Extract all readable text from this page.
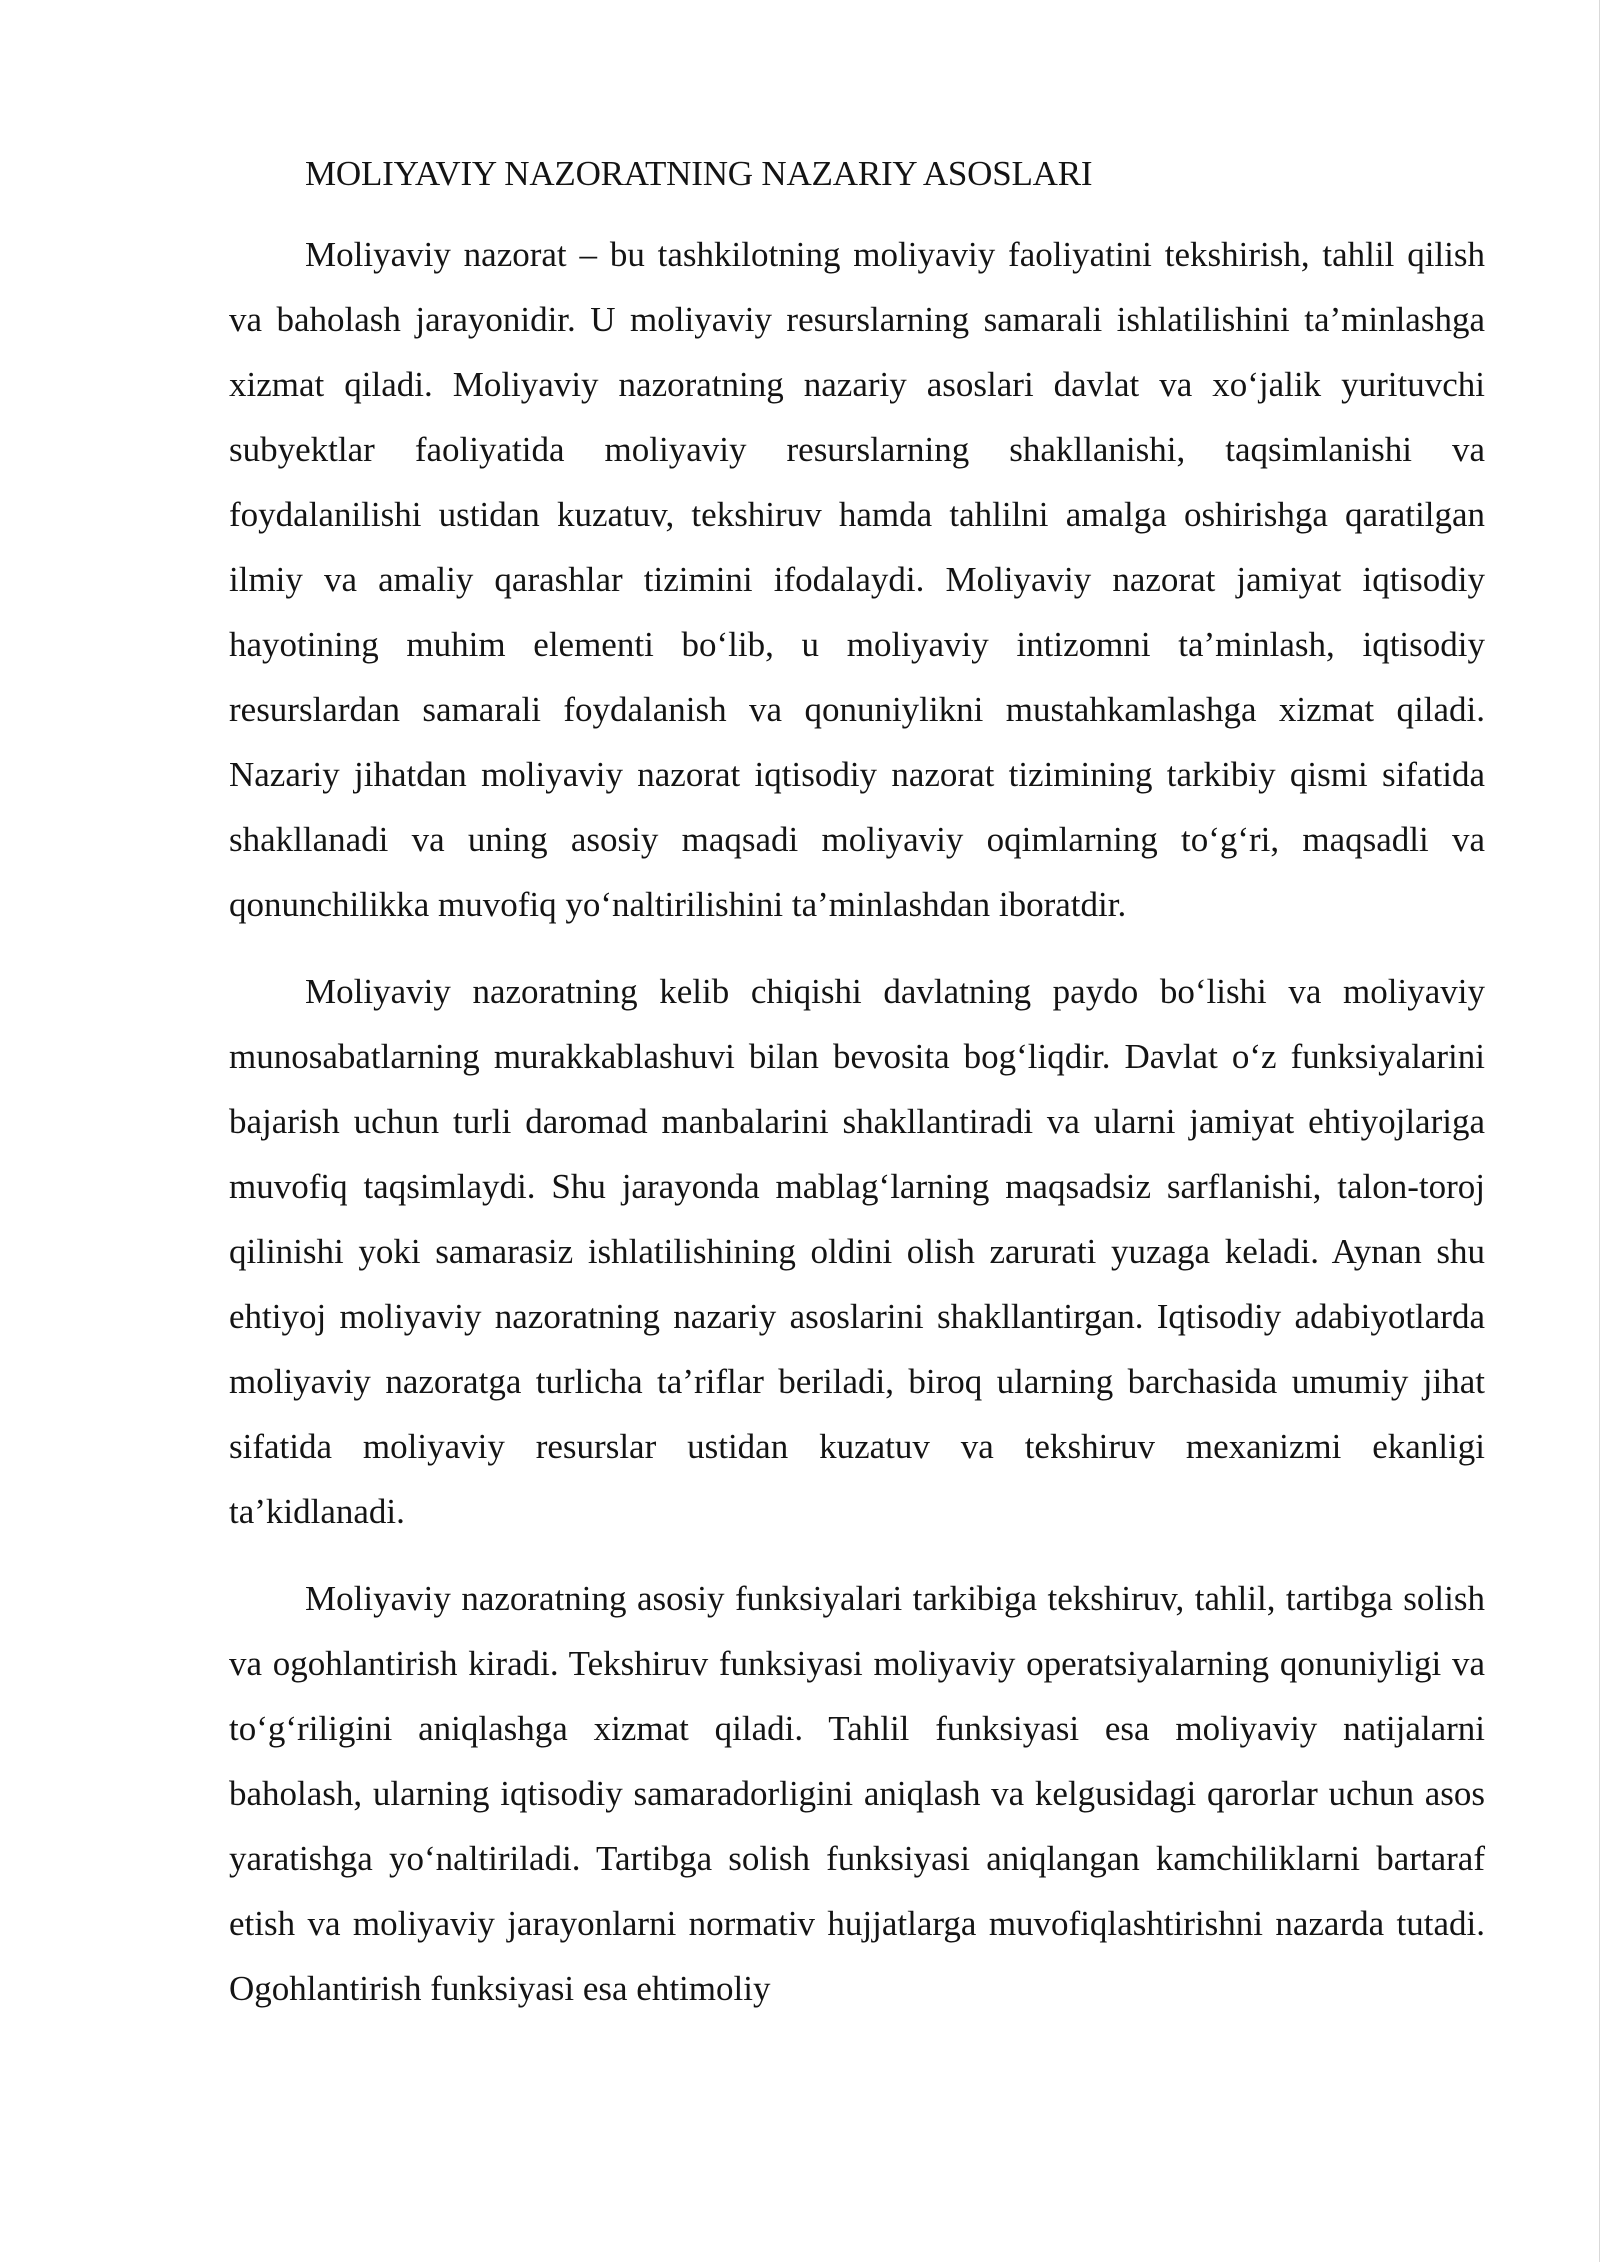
MOLIYAVIY NAZORATNING NAZARIY ASOSLARI

Moliyaviy nazorat – bu tashkilotning moliyaviy faoliyatini tekshirish, tahlil qilish va baholash jarayonidir. U moliyaviy resurslarning samarali ishlatilishini ta’minlashga xizmat qiladi. Moliyaviy nazoratning nazariy asoslari davlat va xo‘jalik yurituvchi subyektlar faoliyatida moliyaviy resurslarning shakllanishi, taqsimlanishi va foydalanilishi ustidan kuzatuv, tekshiruv hamda tahlilni amalga oshirishga qaratilgan ilmiy va amaliy qarashlar tizimini ifodalaydi. Moliyaviy nazorat jamiyat iqtisodiy hayotining muhim elementi bo‘lib, u moliyaviy intizomni ta’minlash, iqtisodiy resurslardan samarali foydalanish va qonuniylikni mustahkamlashga xizmat qiladi. Nazariy jihatdan moliyaviy nazorat iqtisodiy nazorat tizimining tarkibiy qismi sifatida shakllanadi va uning asosiy maqsadi moliyaviy oqimlarning to‘g‘ri, maqsadli va qonunchilikka muvofiq yo‘naltirilishini ta’minlashdan iboratdir.

Moliyaviy nazoratning kelib chiqishi davlatning paydo bo‘lishi va moliyaviy munosabatlarning murakkablashuvi bilan bevosita bog‘liqdir. Davlat o‘z funksiyalarini bajarish uchun turli daromad manbalarini shakllantiradi va ularni jamiyat ehtiyojlariga muvofiq taqsimlaydi. Shu jarayonda mablag‘larning maqsadsiz sarflanishi, talon-toroj qilinishi yoki samarasiz ishlatilishining oldini olish zarurati yuzaga keladi. Aynan shu ehtiyoj moliyaviy nazoratning nazariy asoslarini shakllantirgan. Iqtisodiy adabiyotlarda moliyaviy nazoratga turlicha ta’riflar beriladi, biroq ularning barchasida umumiy jihat sifatida moliyaviy resurslar ustidan kuzatuv va tekshiruv mexanizmi ekanligi ta’kidlanadi.

Moliyaviy nazoratning asosiy funksiyalari tarkibiga tekshiruv, tahlil, tartibga solish va ogohlantirish kiradi. Tekshiruv funksiyasi moliyaviy operatsiyalarning qonuniyligi va to‘g‘riligini aniqlashga xizmat qiladi. Tahlil funksiyasi esa moliyaviy natijalarni baholash, ularning iqtisodiy samaradorligini aniqlash va kelgusidagi qarorlar uchun asos yaratishga yo‘naltiriladi. Tartibga solish funksiyasi aniqlangan kamchiliklarni bartaraf etish va moliyaviy jarayonlarni normativ hujjatlarga muvofiqlashtirishni nazarda tutadi. Ogohlantirish funksiyasi esa ehtimoliy
